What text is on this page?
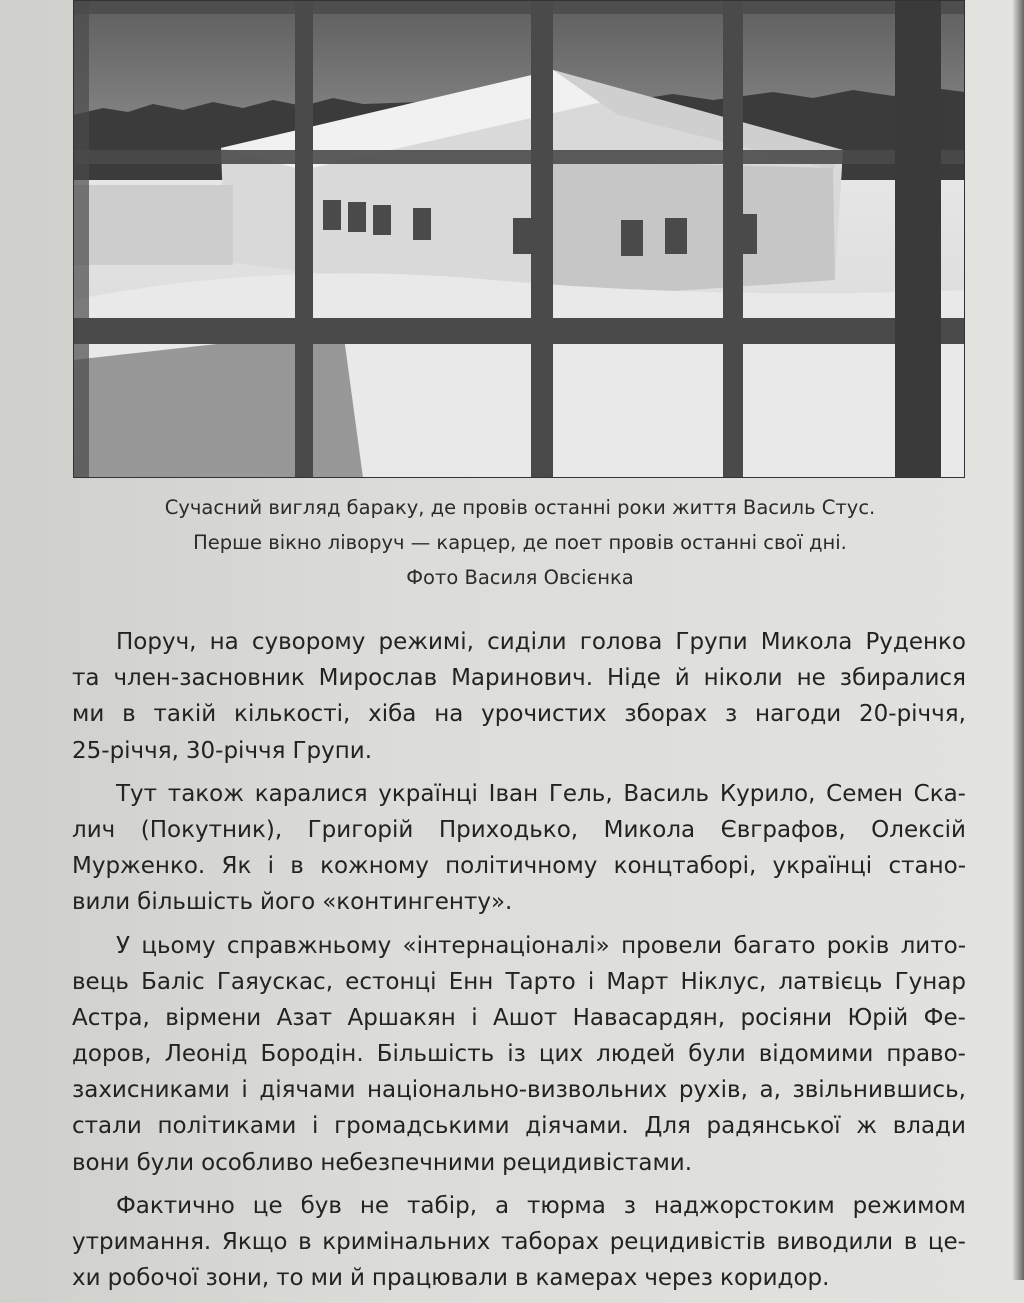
Сучасний вигляд бараку, де провів останні роки життя Василь Стус.
Перше вікно ліворуч — карцер, де поет провів останні свої дні.
Фото Василя Овсієнка
Поруч, на суворому режимі, сиділи голова Групи Микола Руденко
та член-засновник Мирослав Маринович. Ніде й ніколи не збиралися
ми в такій кількості, хіба на урочистих зборах з нагоди 20-річчя,
25-річчя, 30-річчя Групи.
Тут також каралися українці Іван Гель, Василь Курило, Семен Ска-
лич (Покутник), Григорій Приходько, Микола Євграфов, Олексій
Мурженко. Як і в кожному політичному концтаборі, українці стано-
вили більшість його «контингенту».
У цьому справжньому «інтернаціоналі» провели багато років лито-
вець Баліс Гаяускас, естонці Енн Тарто і Март Ніклус, латвієць Гунар
Астра, вірмени Азат Аршакян і Ашот Навасардян, росіяни Юрій Фе-
доров, Леонід Бородін. Більшість із цих людей були відомими право-
захисниками і діячами національно-визвольних рухів, а, звільнившись,
стали політиками і громадськими діячами. Для радянської ж влади
вони були особливо небезпечними рецидивістами.
Фактично це був не табір, а тюрма з наджорстоким режимом
утримання. Якщо в кримінальних таборах рецидивістів виводили в це-
хи робочої зони, то ми й працювали в камерах через коридор.
